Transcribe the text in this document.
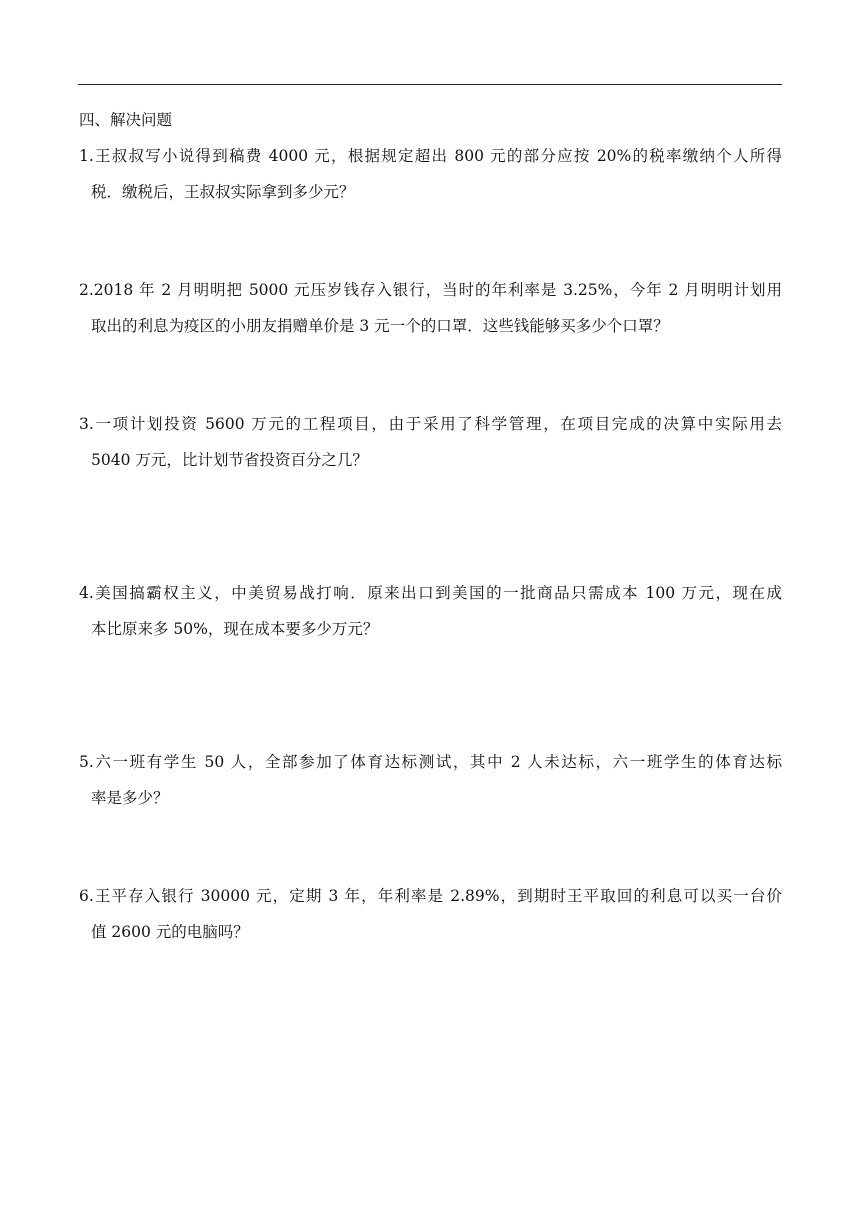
四、解决问题
1.王叔叔写小说得到稿费 4000 元，根据规定超出 800 元的部分应按 20%的税率缴纳个人所得
税．缴税后，王叔叔实际拿到多少元？
2.2018 年 2 月明明把 5000 元压岁钱存入银行，当时的年利率是 3.25%，今年 2 月明明计划用
取出的利息为疫区的小朋友捐赠单价是 3 元一个的口罩．这些钱能够买多少个口罩？
3.一项计划投资 5600 万元的工程项目，由于采用了科学管理，在项目完成的决算中实际用去
5040 万元，比计划节省投资百分之几？
4.美国搞霸权主义，中美贸易战打响．原来出口到美国的一批商品只需成本 100 万元，现在成
本比原来多 50%，现在成本要多少万元？
5.六一班有学生 50 人，全部参加了体育达标测试，其中 2 人未达标，六一班学生的体育达标
率是多少？
6.王平存入银行 30000 元，定期 3 年，年利率是 2.89%，到期时王平取回的利息可以买一台价
值 2600 元的电脑吗？
